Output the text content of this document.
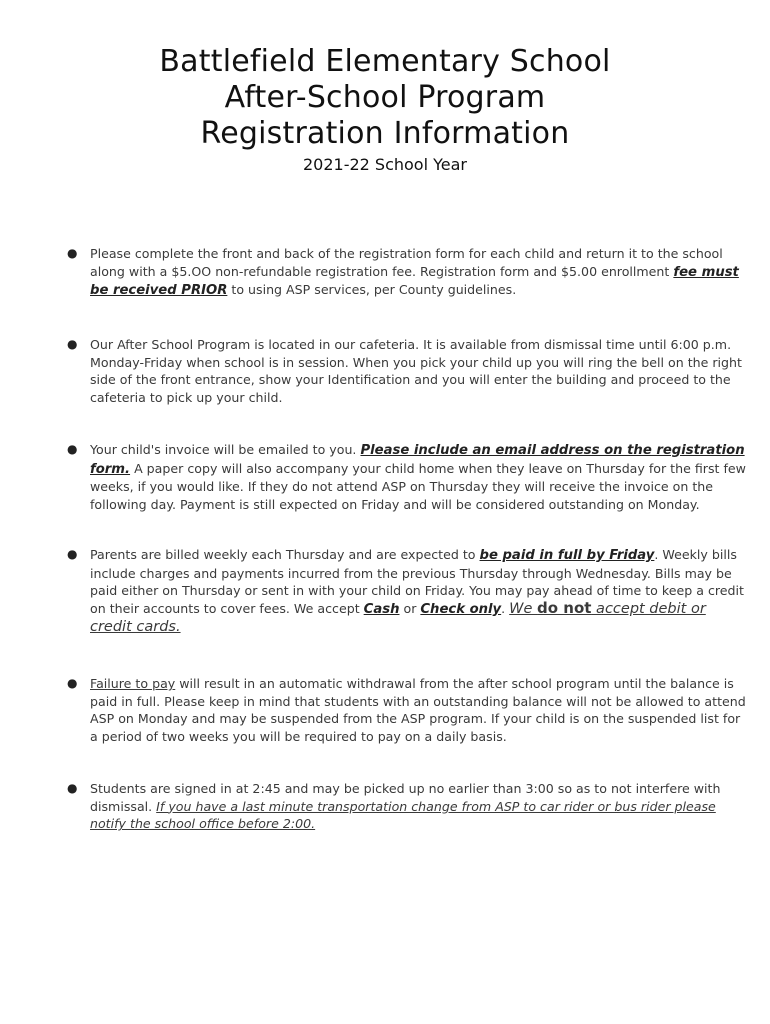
Battlefield Elementary School
After-School Program
Registration Information
2021-22 School Year
● Please complete the front and back of the registration form for each child and return it to the school along with a $5.OO non-refundable registration fee. Registration form and $5.00 enrollment fee must be received PRIOR to using ASP services, per County guidelines.
● Our After School Program is located in our cafeteria. It is available from dismissal time until 6:00 p.m. Monday-Friday when school is in session. When you pick your child up you will ring the bell on the right side of the front entrance, show your Identification and you will enter the building and proceed to the cafeteria to pick up your child.
● Your child's invoice will be emailed to you. Please include an email address on the registration form. A paper copy will also accompany your child home when they leave on Thursday for the first few weeks, if you would like. If they do not attend ASP on Thursday they will receive the invoice on the following day. Payment is still expected on Friday and will be considered outstanding on Monday.
● Parents are billed weekly each Thursday and are expected to be paid in full by Friday. Weekly bills include charges and payments incurred from the previous Thursday through Wednesday. Bills may be paid either on Thursday or sent in with your child on Friday. You may pay ahead of time to keep a credit on their accounts to cover fees. We accept Cash or Check only. We do not accept debit or credit cards.
● Failure to pay will result in an automatic withdrawal from the after school program until the balance is paid in full. Please keep in mind that students with an outstanding balance will not be allowed to attend ASP on Monday and may be suspended from the ASP program. If your child is on the suspended list for a period of two weeks you will be required to pay on a daily basis.
● Students are signed in at 2:45 and may be picked up no earlier than 3:00 so as to not interfere with dismissal. If you have a last minute transportation change from ASP to car rider or bus rider please notify the school office before 2:00.
